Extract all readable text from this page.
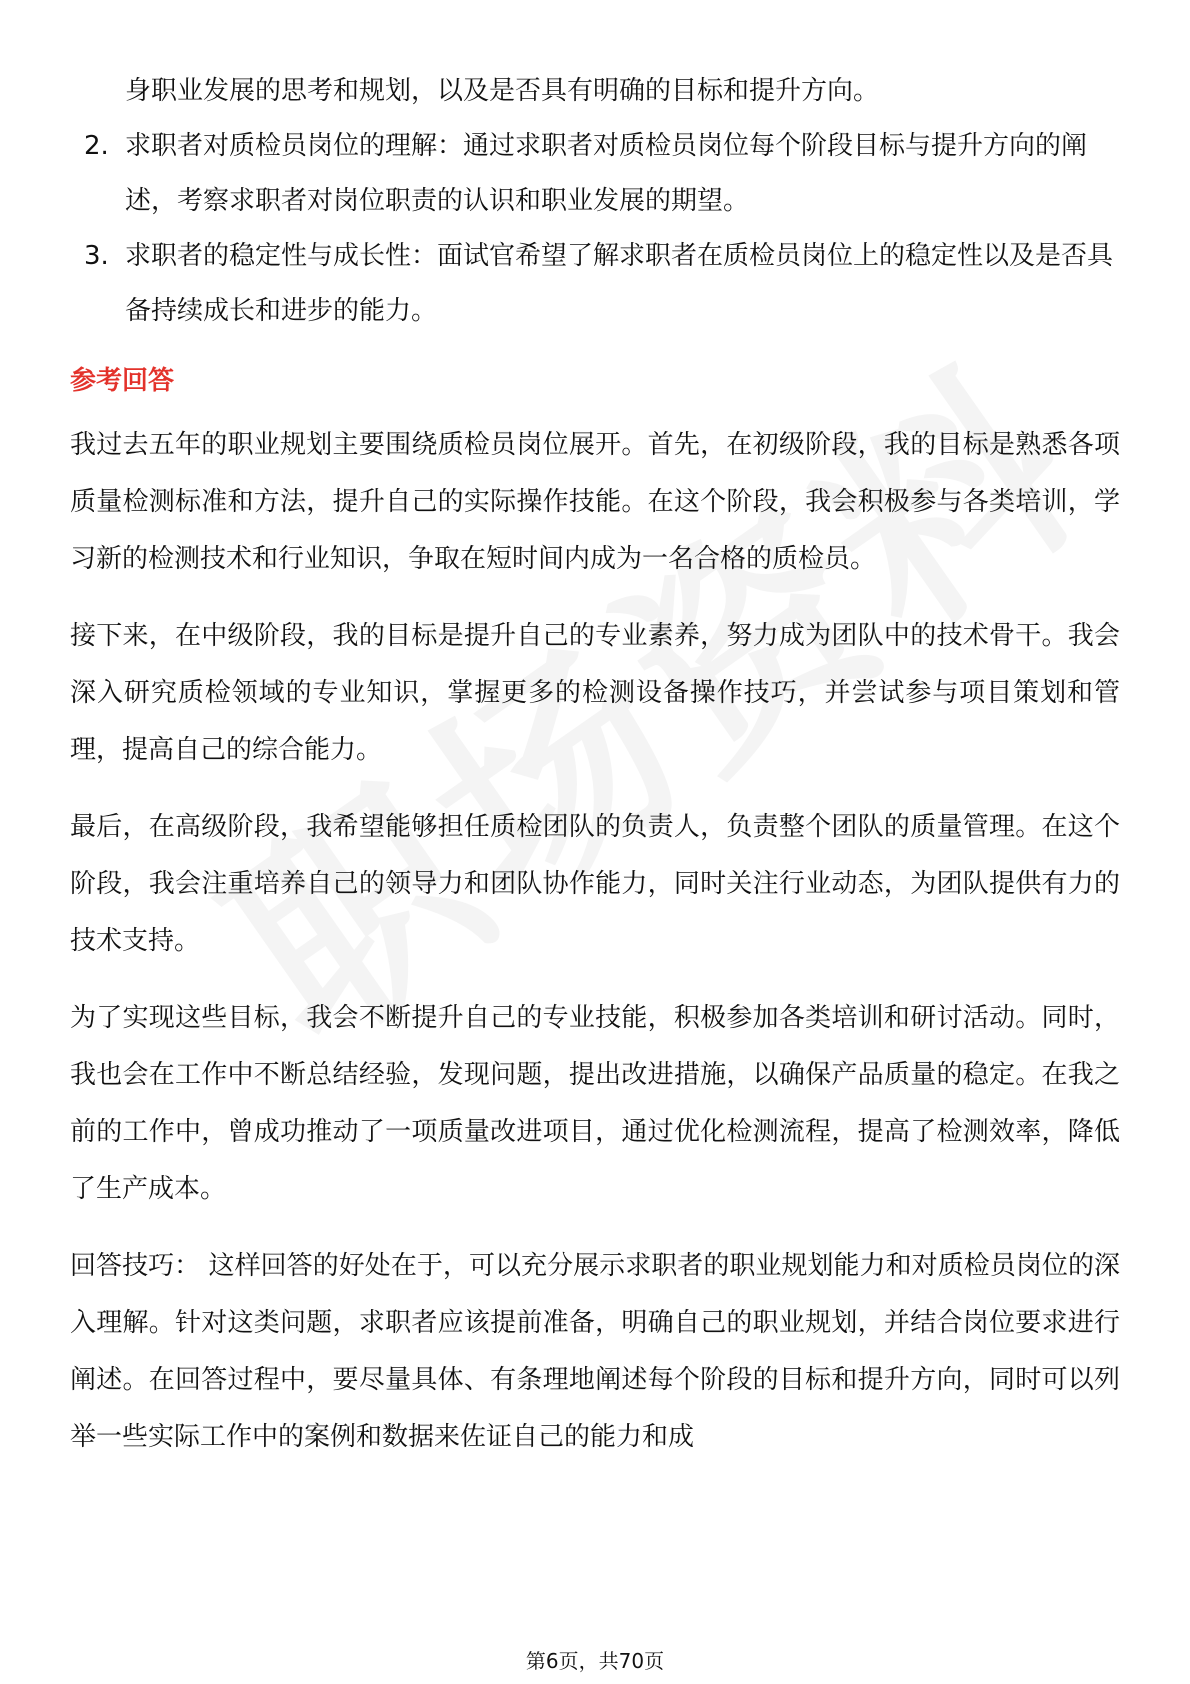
身职业发展的思考和规划，以及是否具有明确的目标和提升方向。
2. 求职者对质检员岗位的理解：通过求职者对质检员岗位每个阶段目标与提升方向的阐述，考察求职者对岗位职责的认识和职业发展的期望。
3. 求职者的稳定性与成长性：面试官希望了解求职者在质检员岗位上的稳定性以及是否具备持续成长和进步的能力。
参考回答
我过去五年的职业规划主要围绕质检员岗位展开。首先，在初级阶段，我的目标是熟悉各项质量检测标准和方法，提升自己的实际操作技能。在这个阶段，我会积极参与各类培训，学习新的检测技术和行业知识，争取在短时间内成为一名合格的质检员。
接下来，在中级阶段，我的目标是提升自己的专业素养，努力成为团队中的技术骨干。我会深入研究质检领域的专业知识，掌握更多的检测设备操作技巧，并尝试参与项目策划和管理，提高自己的综合能力。
最后，在高级阶段，我希望能够担任质检团队的负责人，负责整个团队的质量管理。在这个阶段，我会注重培养自己的领导力和团队协作能力，同时关注行业动态，为团队提供有力的技术支持。
为了实现这些目标，我会不断提升自己的专业技能，积极参加各类培训和研讨活动。同时，我也会在工作中不断总结经验，发现问题，提出改进措施，以确保产品质量的稳定。在我之前的工作中，曾成功推动了一项质量改进项目，通过优化检测流程，提高了检测效率，降低了生产成本。
回答技巧： 这样回答的好处在于，可以充分展示求职者的职业规划能力和对质检员岗位的深入理解。针对这类问题，求职者应该提前准备，明确自己的职业规划，并结合岗位要求进行阐述。在回答过程中，要尽量具体、有条理地阐述每个阶段的目标和提升方向，同时可以列举一些实际工作中的案例和数据来佐证自己的能力和成
第6页，共70页
